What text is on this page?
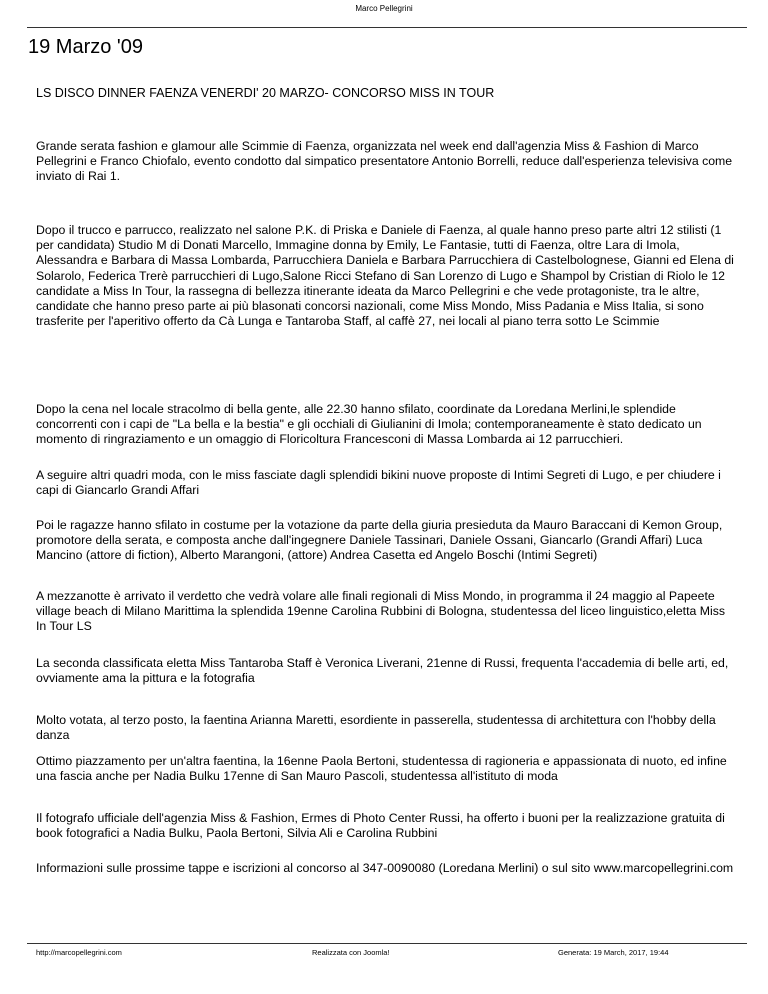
Marco Pellegrini
19 Marzo '09

LS DISCO DINNER FAENZA VENERDI' 20 MARZO- CONCORSO MISS IN TOUR

Grande serata fashion e glamour alle Scimmie di Faenza, organizzata nel week end dall'agenzia Miss & Fashion di Marco Pellegrini e Franco Chiofalo, evento condotto dal simpatico presentatore Antonio Borrelli, reduce dall'esperienza televisiva come inviato di Rai 1.

Dopo il trucco e parrucco, realizzato nel salone P.K. di Priska e Daniele di Faenza, al quale hanno preso parte altri 12 stilisti (1 per candidata) Studio M di Donati Marcello, Immagine donna by Emily, Le Fantasie, tutti di Faenza, oltre Lara di Imola, Alessandra e Barbara di Massa Lombarda, Parrucchiera Daniela e Barbara Parrucchiera di Castelbolognese, Gianni ed Elena di Solarolo, Federica Trerè parrucchieri di Lugo,Salone Ricci Stefano di San Lorenzo di Lugo e Shampol by Cristian di Riolo le 12 candidate a Miss In Tour, la rassegna di bellezza itinerante ideata da Marco Pellegrini e che vede protagoniste, tra le altre, candidate che hanno preso parte ai più blasonati concorsi nazionali, come Miss Mondo, Miss Padania e Miss Italia, si sono trasferite per l'aperitivo offerto da Cà Lunga e Tantaroba Staff, al caffè 27, nei locali al piano terra sotto Le Scimmie

Dopo la cena nel locale stracolmo di bella gente, alle 22.30 hanno sfilato, coordinate da Loredana Merlini,le splendide concorrenti con i capi de "La bella e la bestia" e gli occhiali di Giulianini di Imola; contemporaneamente è stato dedicato un momento di ringraziamento e un omaggio di Floricoltura Francesconi di Massa Lombarda ai 12 parrucchieri.

A seguire altri quadri moda, con le miss fasciate dagli splendidi bikini nuove proposte di Intimi Segreti di Lugo, e per chiudere i capi di Giancarlo Grandi Affari

Poi le ragazze hanno sfilato in costume per la votazione da parte della giuria presieduta da Mauro Baraccani di Kemon Group, promotore della serata, e composta anche dall'ingegnere Daniele Tassinari, Daniele Ossani, Giancarlo (Grandi Affari) Luca Mancino (attore di fiction), Alberto Marangoni, (attore) Andrea Casetta ed Angelo Boschi (Intimi Segreti)

A mezzanotte è arrivato il verdetto che vedrà volare alle finali regionali di Miss Mondo, in programma il 24 maggio al Papeete village beach di Milano Marittima la splendida 19enne Carolina Rubbini di Bologna, studentessa del liceo linguistico,eletta Miss In Tour LS

La seconda classificata eletta Miss Tantaroba Staff è Veronica Liverani, 21enne di Russi, frequenta l'accademia di belle arti, ed, ovviamente ama la pittura e la fotografia

Molto votata, al terzo posto, la faentina Arianna Maretti, esordiente in passerella, studentessa di architettura con l'hobby della danza

Ottimo piazzamento per un'altra faentina, la 16enne Paola Bertoni, studentessa di ragioneria e appassionata di nuoto, ed infine una fascia anche per Nadia Bulku 17enne di San Mauro Pascoli, studentessa all'istituto di moda

Il fotografo ufficiale dell'agenzia Miss & Fashion, Ermes di Photo Center Russi, ha offerto i buoni per la realizzazione gratuita di book fotografici a Nadia Bulku, Paola Bertoni, Silvia Ali e Carolina Rubbini

Informazioni sulle prossime tappe e iscrizioni al concorso al 347-0090080 (Loredana Merlini) o sul sito www.marcopellegrini.com

http://marcopellegrini.com	Realizzata con Joomla!	Generata: 19 March, 2017, 19:44
